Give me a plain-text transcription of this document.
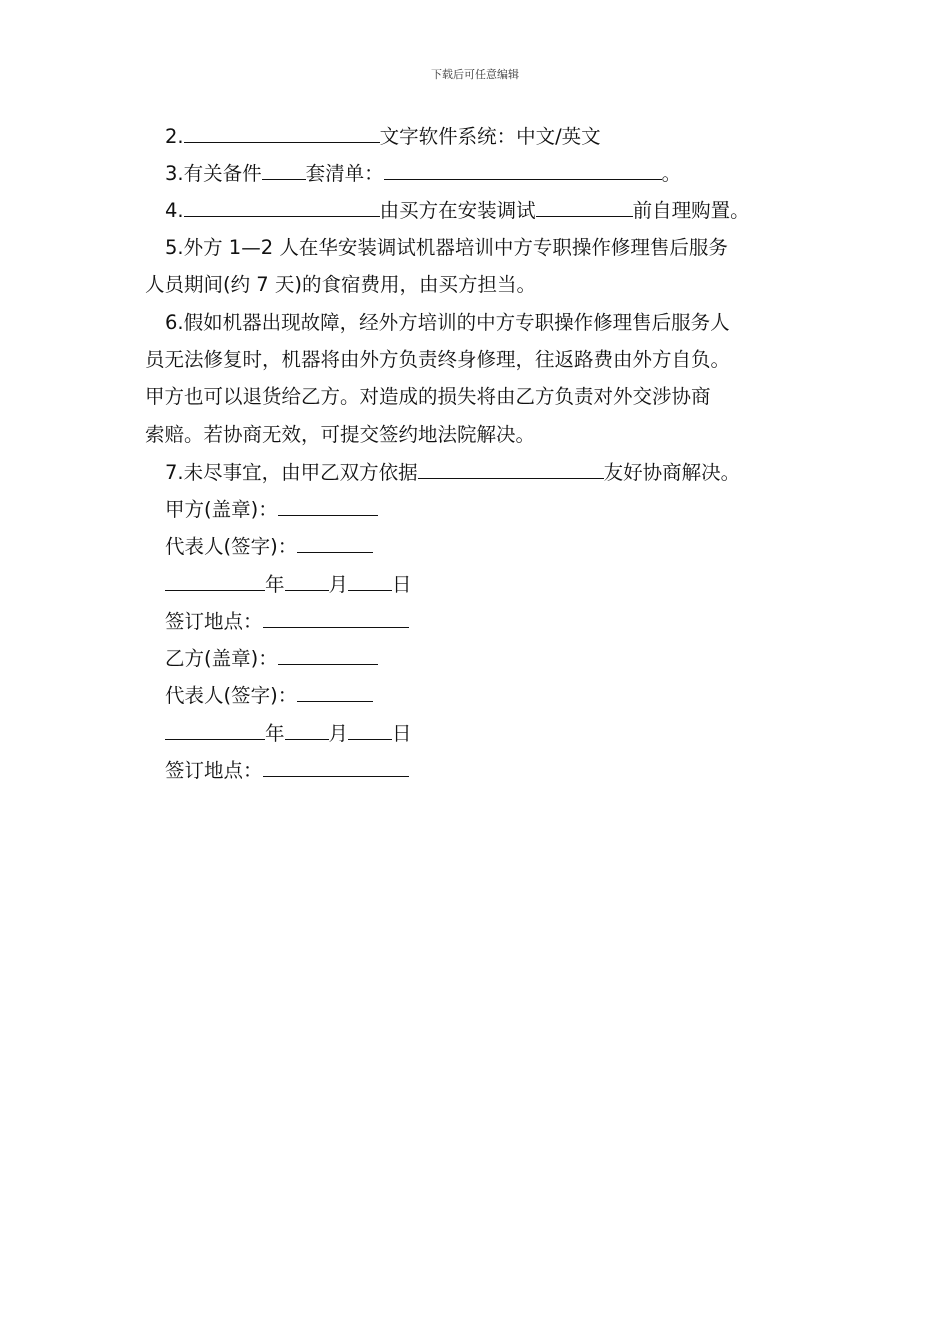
下载后可任意编辑
2.	文字软件系统：中文/英文
3.有关备件 套清单：	。
4.	由买方在安装调试	前自理购置。
5.外方 1—2 人在华安装调试机器培训中方专职操作修理售后服务
人员期间(约 7 天)的食宿费用，由买方担当。
6.假如机器出现故障，经外方培训的中方专职操作修理售后服务人
员无法修复时，机器将由外方负责终身修理，往返路费由外方自负。
甲方也可以退货给乙方。对造成的损失将由乙方负责对外交涉协商
索赔。若协商无效，可提交签约地法院解决。
7.未尽事宜，由甲乙双方依据	友好协商解决。
甲方(盖章)：
代表人(签字)：
年 月 日
签订地点：
乙方(盖章)：
代表人(签字)：
年 月 日
签订地点：
